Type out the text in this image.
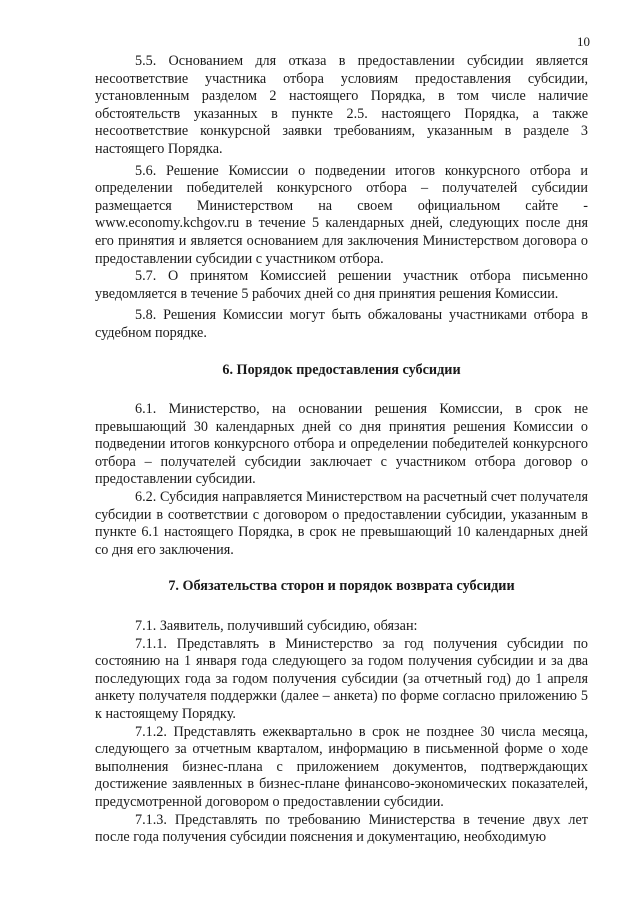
10

5.5. Основанием для отказа в предоставлении субсидии является несоответствие участника отбора условиям предоставления субсидии, установленным разделом 2 настоящего Порядка, в том числе наличие обстоятельств указанных в пункте 2.5. настоящего Порядка, а также несоответствие конкурсной заявки требованиям, указанным в разделе 3 настоящего Порядка.

5.6. Решение Комиссии о подведении итогов конкурсного отбора и определении победителей конкурсного отбора – получателей субсидии размещается Министерством на своем официальном сайте - www.economy.kchgov.ru в течение 5 календарных дней, следующих после дня его принятия и является основанием для заключения Министерством договора о предоставлении субсидии с участником отбора.

5.7. О принятом Комиссией решении участник отбора письменно уведомляется в течение 5 рабочих дней со дня принятия решения Комиссии.

5.8. Решения Комиссии могут быть обжалованы участниками отбора в судебном порядке.

6. Порядок предоставления субсидии

6.1. Министерство, на основании решения Комиссии, в срок не превышающий 30 календарных дней со дня принятия решения Комиссии о подведении итогов конкурсного отбора и определении победителей конкурсного отбора – получателей субсидии заключает с участником отбора договор о предоставлении субсидии.

6.2. Субсидия направляется Министерством на расчетный счет получателя субсидии в соответствии с договором о предоставлении субсидии, указанным в пункте 6.1 настоящего Порядка, в срок не превышающий 10 календарных дней со дня его заключения.

7. Обязательства сторон и порядок возврата субсидии

7.1. Заявитель, получивший субсидию, обязан:

7.1.1. Представлять в Министерство за год получения субсидии по состоянию на 1 января года следующего за годом получения субсидии и за два последующих года за годом получения субсидии (за отчетный год) до 1 апреля анкету получателя поддержки (далее – анкета) по форме согласно приложению 5 к настоящему Порядку.

7.1.2. Представлять ежеквартально в срок не позднее 30 числа месяца, следующего за отчетным кварталом, информацию в письменной форме о ходе выполнения бизнес-плана с приложением документов, подтверждающих достижение заявленных в бизнес-плане финансово-экономических показателей, предусмотренной договором о предоставлении субсидии.

7.1.3. Представлять по требованию Министерства в течение двух лет после года получения субсидии пояснения и документацию, необходимую
